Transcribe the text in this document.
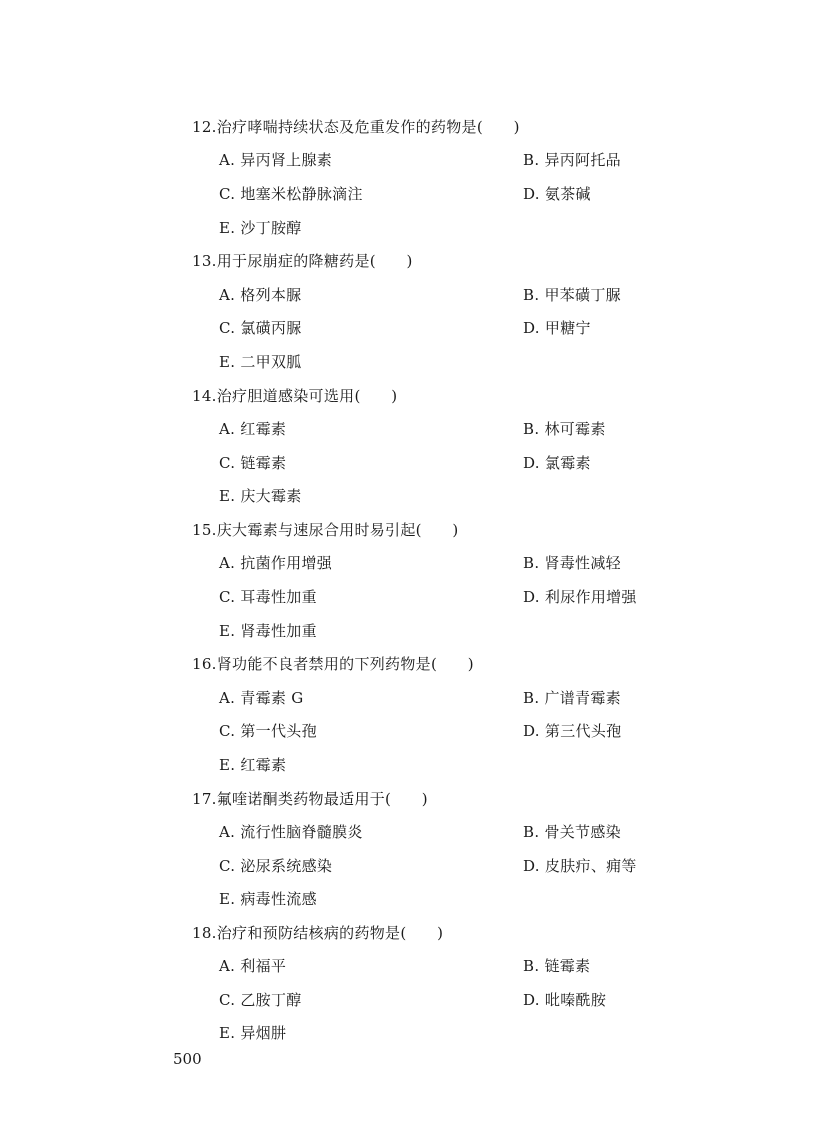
12.治疗哮喘持续状态及危重发作的药物是(　　)
A. 异丙肾上腺素	B. 异丙阿托品
C. 地塞米松静脉滴注	D. 氨茶碱
E. 沙丁胺醇
13.用于尿崩症的降糖药是(　　)
A. 格列本脲	B. 甲苯磺丁脲
C. 氯磺丙脲	D. 甲糖宁
E. 二甲双胍
14.治疗胆道感染可选用(　　)
A. 红霉素	B. 林可霉素
C. 链霉素	D. 氯霉素
E. 庆大霉素
15.庆大霉素与速尿合用时易引起(　　)
A. 抗菌作用增强	B. 肾毒性减轻
C. 耳毒性加重	D. 利尿作用增强
E. 肾毒性加重
16.肾功能不良者禁用的下列药物是(　　)
A. 青霉素 G	B. 广谱青霉素
C. 第一代头孢	D. 第三代头孢
E. 红霉素
17.氟喹诺酮类药物最适用于(　　)
A. 流行性脑脊髓膜炎	B. 骨关节感染
C. 泌尿系统感染	D. 皮肤疖、痈等
E. 病毒性流感
18.治疗和预防结核病的药物是(　　)
A. 利福平	B. 链霉素
C. 乙胺丁醇	D. 吡嗪酰胺
E. 异烟肼
500
